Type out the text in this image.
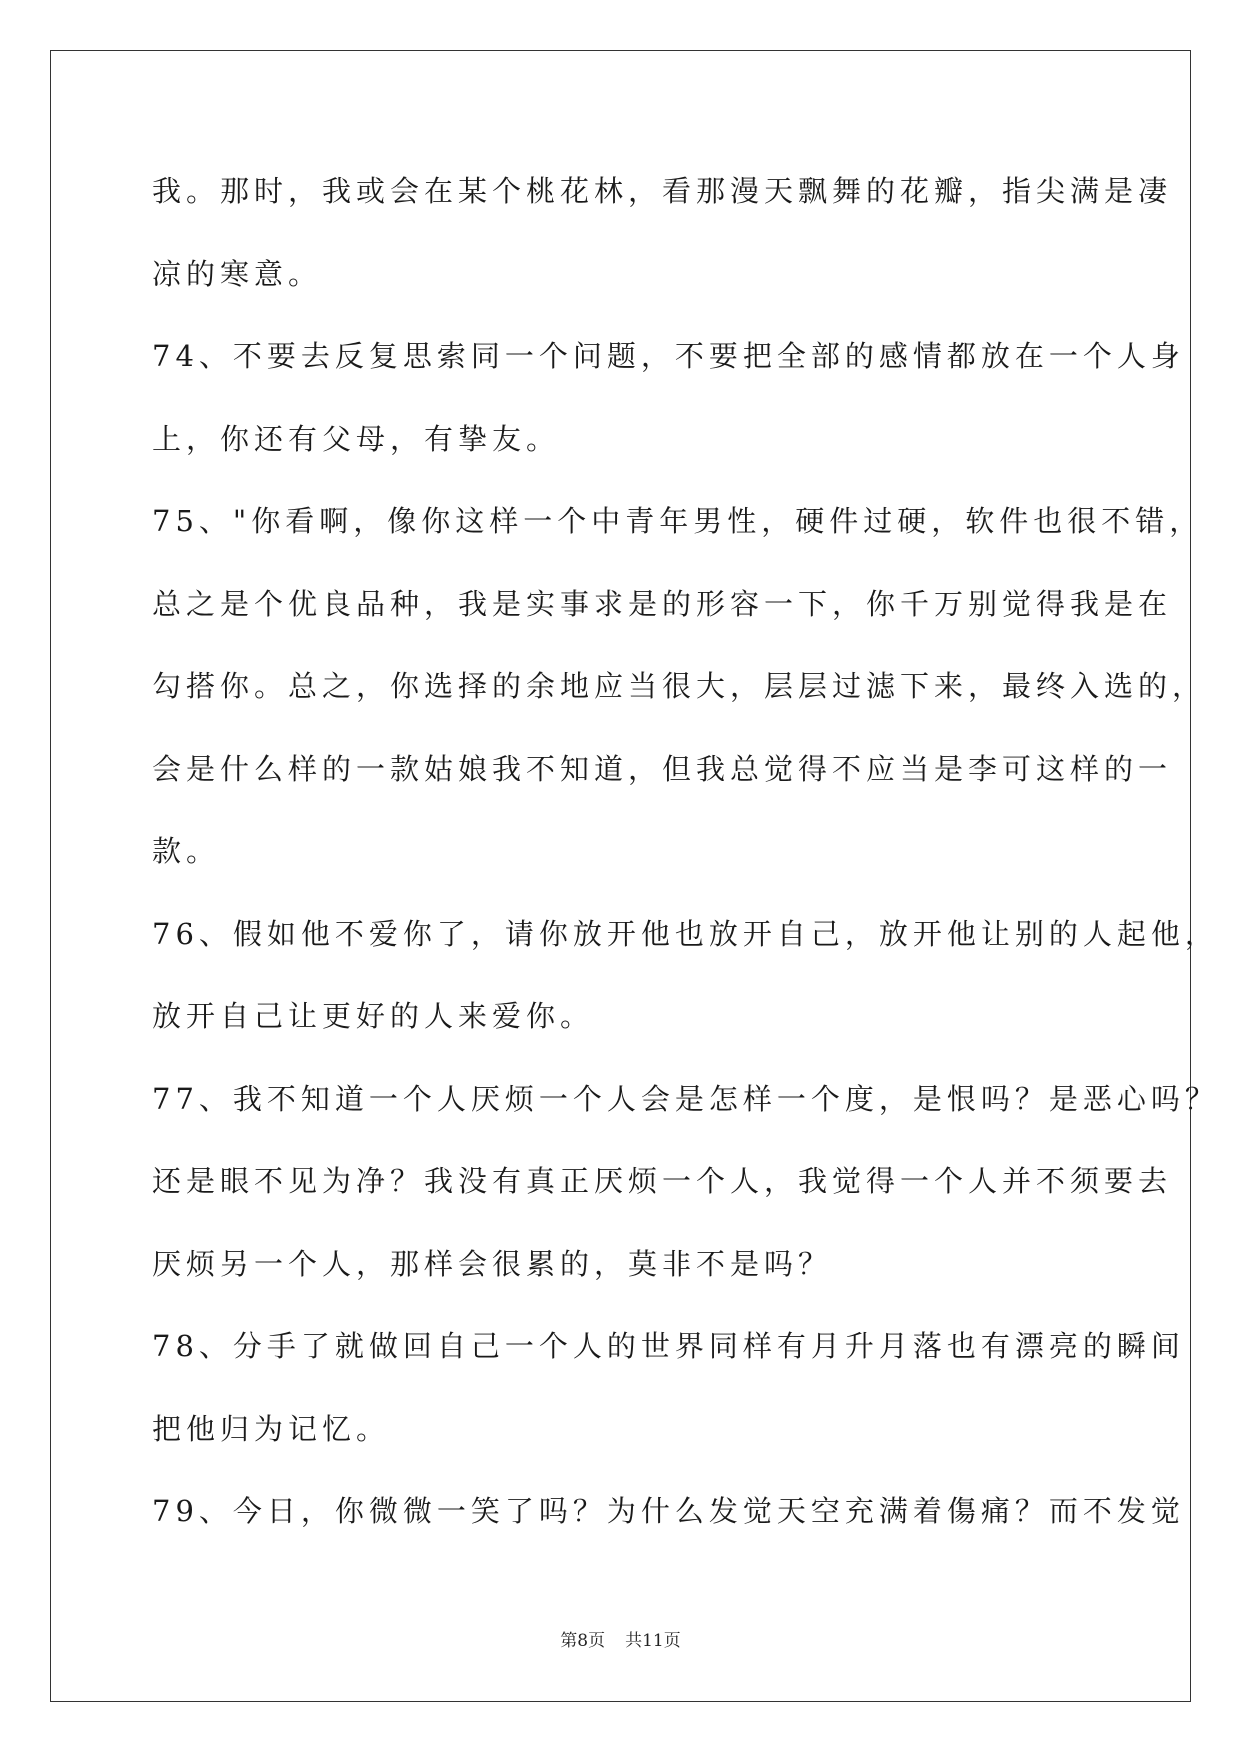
我。那时，我或会在某个桃花林，看那漫天飘舞的花瓣，指尖满是凄
凉的寒意。
74、不要去反复思索同一个问题，不要把全部的感情都放在一个人身
上，你还有父母，有挚友。
75、"你看啊，像你这样一个中青年男性，硬件过硬，软件也很不错，
总之是个优良品种，我是实事求是的形容一下，你千万别觉得我是在
勾搭你。总之，你选择的余地应当很大，层层过滤下来，最终入选的，
会是什么样的一款姑娘我不知道，但我总觉得不应当是李可这样的一
款。
76、假如他不爱你了，请你放开他也放开自己，放开他让别的人起他，
放开自己让更好的人来爱你。
77、我不知道一个人厌烦一个人会是怎样一个度，是恨吗？是恶心吗？
还是眼不见为净？我没有真正厌烦一个人，我觉得一个人并不须要去
厌烦另一个人，那样会很累的，莫非不是吗？
78、分手了就做回自己一个人的世界同样有月升月落也有漂亮的瞬间
把他归为记忆。
79、今日，你微微一笑了吗？为什么发觉天空充满着傷痛？而不发觉
第8页 共11页
